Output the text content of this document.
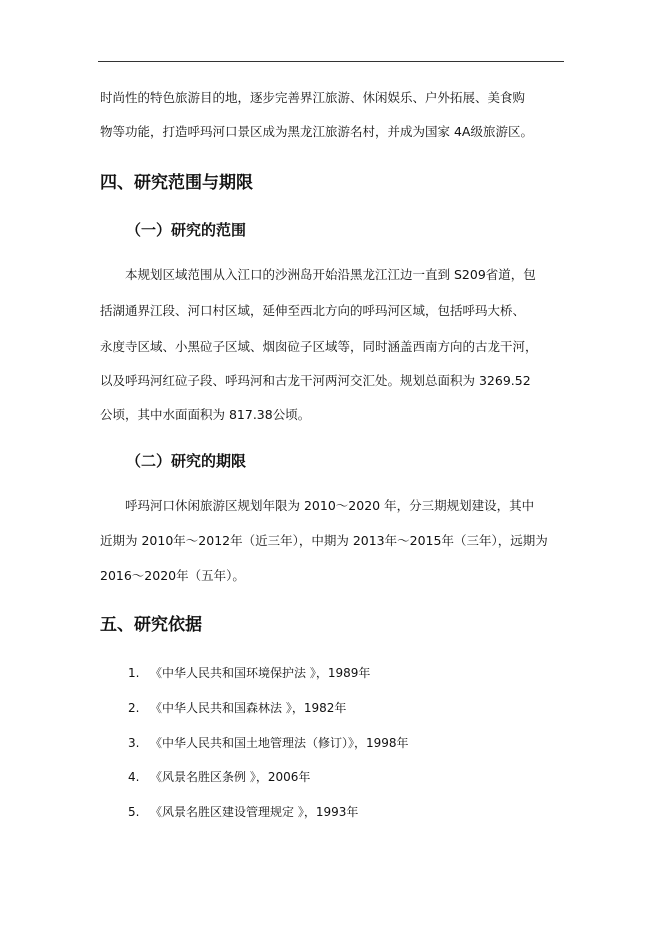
时尚性的特色旅游目的地，逐步完善界江旅游、休闲娱乐、户外拓展、美食购
物等功能，打造呼玛河口景区成为黑龙江旅游名村，并成为国家 4A级旅游区。
四、研究范围与期限
（一）研究的范围
本规划区域范围从入江口的沙洲岛开始沿黑龙江江边一直到 S209省道，包
括湖通界江段、河口村区域，延伸至西北方向的呼玛河区域，包括呼玛大桥、
永度寺区域、小黑砬子区域、烟囱砬子区域等，同时涵盖西南方向的古龙干河，
以及呼玛河红砬子段、呼玛河和古龙干河两河交汇处。规划总面积为 3269.52
公顷，其中水面面积为 817.38公顷。
（二）研究的期限
呼玛河口休闲旅游区规划年限为 2010～2020 年，分三期规划建设，其中
近期为 2010年～2012年（近三年），中期为 2013年～2015年（三年），远期为
2016～2020年（五年）。
五、研究依据
1. 《中华人民共和国环境保护法 》，1989年
2. 《中华人民共和国森林法 》，1982年
3. 《中华人民共和国土地管理法（修订）》，1998年
4. 《风景名胜区条例 》，2006年
5. 《风景名胜区建设管理规定 》，1993年
